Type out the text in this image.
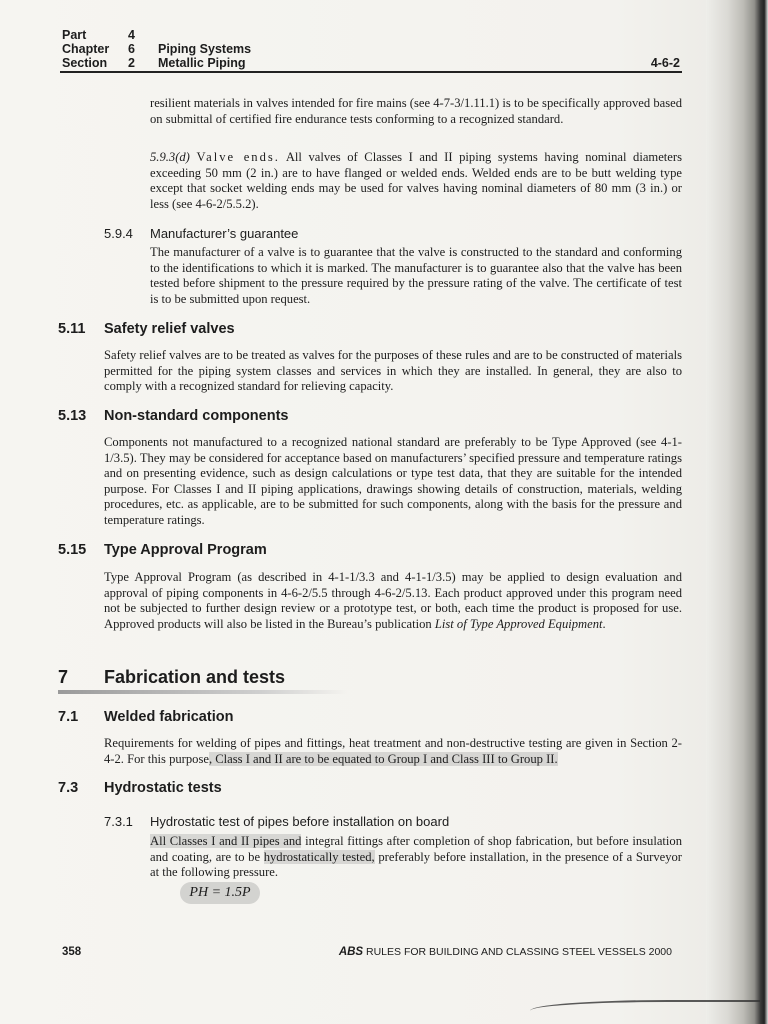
Part	4
Chapter	6	Piping Systems
Section	2	Metallic Piping	4-6-2
resilient materials in valves intended for fire mains (see 4-7-3/1.11.1) is to be specifically approved based on submittal of certified fire endurance tests conforming to a recognized standard.
5.9.3(d) Valve ends. All valves of Classes I and II piping systems having nominal diameters exceeding 50 mm (2 in.) are to have flanged or welded ends. Welded ends are to be butt welding type except that socket welding ends may be used for valves having nominal diameters of 80 mm (3 in.) or less (see 4-6-2/5.5.2).
5.9.4 Manufacturer’s guarantee
The manufacturer of a valve is to guarantee that the valve is constructed to the standard and conforming to the identifications to which it is marked. The manufacturer is to guarantee also that the valve has been tested before shipment to the pressure required by the pressure rating of the valve. The certificate of test is to be submitted upon request.
5.11 Safety relief valves
Safety relief valves are to be treated as valves for the purposes of these rules and are to be constructed of materials permitted for the piping system classes and services in which they are installed. In general, they are also to comply with a recognized standard for relieving capacity.
5.13 Non-standard components
Components not manufactured to a recognized national standard are preferably to be Type Approved (see 4-1-1/3.5). They may be considered for acceptance based on manufacturers’ specified pressure and temperature ratings and on presenting evidence, such as design calculations or type test data, that they are suitable for the intended purpose. For Classes I and II piping applications, drawings showing details of construction, materials, welding procedures, etc. as applicable, are to be submitted for such components, along with the basis for the pressure and temperature ratings.
5.15 Type Approval Program
Type Approval Program (as described in 4-1-1/3.3 and 4-1-1/3.5) may be applied to design evaluation and approval of piping components in 4-6-2/5.5 through 4-6-2/5.13. Each product approved under this program need not be subjected to further design review or a prototype test, or both, each time the product is proposed for use. Approved products will also be listed in the Bureau’s publication List of Type Approved Equipment.
7 Fabrication and tests
7.1 Welded fabrication
Requirements for welding of pipes and fittings, heat treatment and non-destructive testing are given in Section 2-4-2. For this purpose, Class I and II are to be equated to Group I and Class III to Group II.
7.3 Hydrostatic tests
7.3.1 Hydrostatic test of pipes before installation on board
All Classes I and II pipes and integral fittings after completion of shop fabrication, but before insulation and coating, are to be hydrostatically tested, preferably before installation, in the presence of a Surveyor at the following pressure.
PH = 1.5P
358	ABS RULES FOR BUILDING AND CLASSING STEEL VESSELS 2000
